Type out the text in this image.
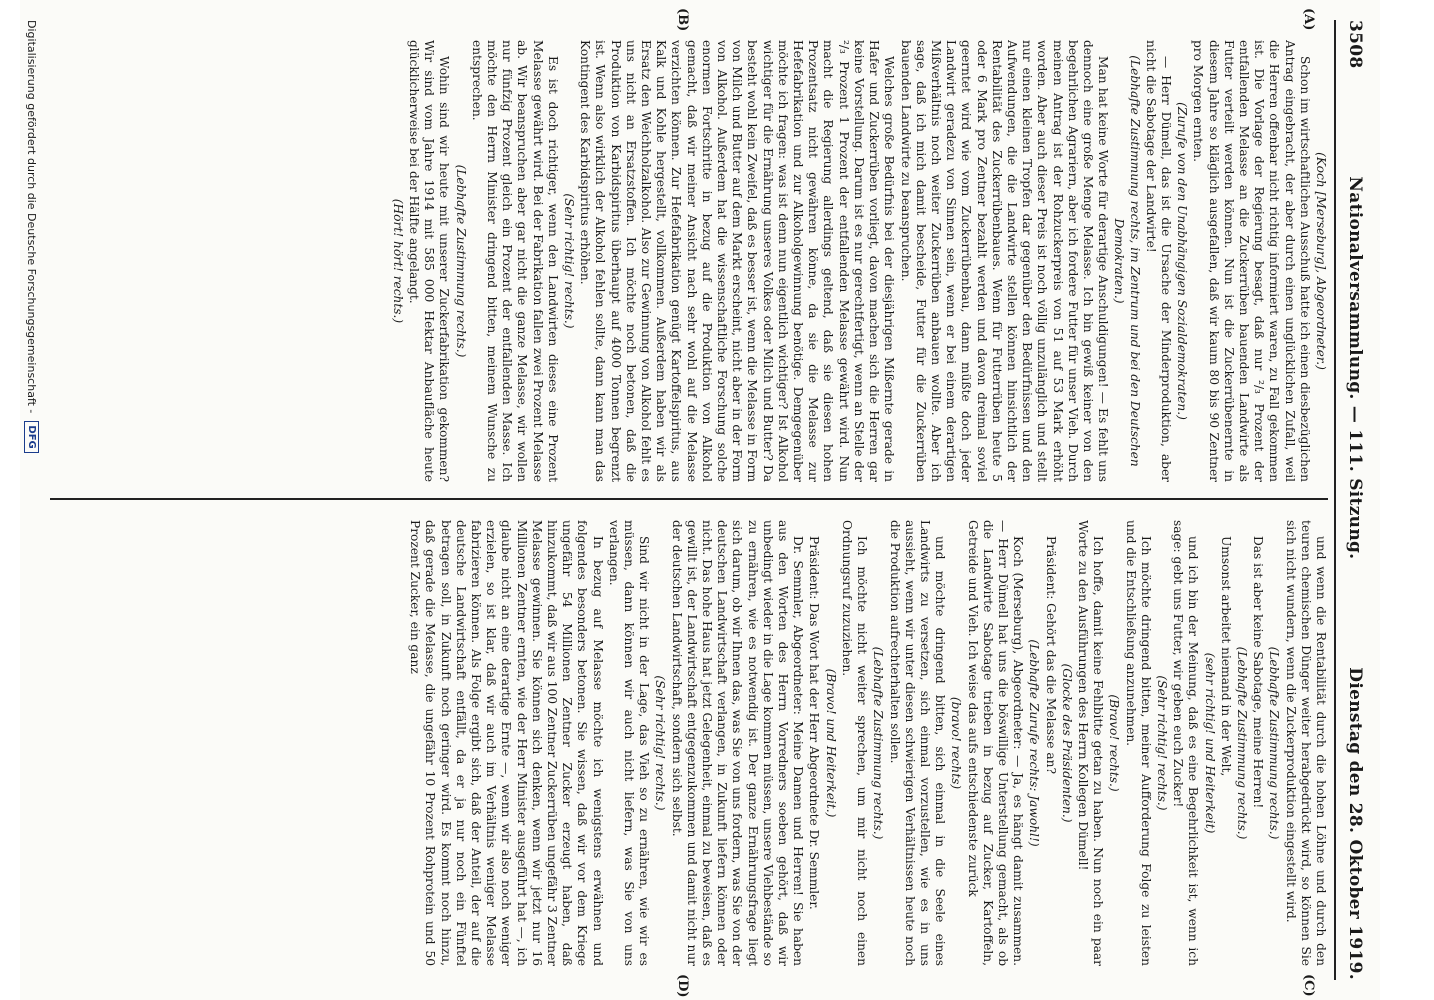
3508
Nationalversammlung. — 111. Sitzung.
Dienstag den 28. Oktober 1919.
(A)
(B)
(C)
(D)

(Koch [Merseburg], Abgeordneter.)

Schon im wirtschaftlichen Ausschuß hatte ich einen diesbezüglichen Antrag eingebracht, der aber durch einen unglücklichen Zufall, weil die Herren offenbar nicht richtig informiert waren, zu Fall gekommen ist. Die Vorlage der Regierung besagt, daß nur ²/₃ Prozent der entfallenden Melasse an die Zuckerrüben bauenden Landwirte als Futter verteilt werden können. Nun ist die Zuckerrübenernte in diesem Jahre so kläglich ausgefallen, daß wir kaum 80 bis 90 Zentner pro Morgen ernten.

(Zurufe von den Unabhängigen Sozialdemokraten.)

— Herr Dümell, das ist die Ursache der Minderproduktion, aber nicht die Sabotage der Landwirte!

(Lebhafte Zustimmung rechts, im Zentrum und bei den Deutschen Demokraten.)

Man hat keine Worte für derartige Anschuldigungen! — Es fehlt uns dennoch eine große Menge Melasse. Ich bin gewiß keiner von den begehrlichen Agrariern, aber ich fordere Futter für unser Vieh. Durch meinen Antrag ist der Rohzuckerpreis von 51 auf 53 Mark erhöht worden. Aber auch dieser Preis ist noch völlig unzulänglich und stellt nur einen kleinen Tropfen dar gegenüber den Bedürfnissen und den Aufwendungen, die die Landwirte stellen können hinsichtlich der Rentabilität des Zuckerrübenbaues. Wenn für Futterrüben heute 5 oder 6 Mark pro Zentner bezahlt werden und davon dreimal soviel geerntet wird wie vom Zuckerrübenbau, dann müßte doch jeder Landwirt geradezu von Sinnen sein, wenn er bei einem derartigen Mißverhältnis noch weiter Zuckerrüben anbauen wollte. Aber ich sage, daß ich mich damit bescheide, Futter für die Zuckerrüben bauenden Landwirte zu beanspruchen.

Welches große Bedürfnis bei der diesjährigen Mißernte gerade in Hafer und Zuckerrüben vorliegt, davon machen sich die Herren gar keine Vorstellung. Darum ist es nur gerechtfertigt, wenn an Stelle der ²/₃ Prozent 1 Prozent der entfallenden Melasse gewährt wird. Nun macht die Regierung allerdings geltend, daß sie diesen hohen Prozentsatz nicht gewähren könne, da sie die Melasse zur Hefefabrikation und zur Alkoholgewinnung benötige. Demgegenüber möchte ich fragen: was ist denn nun eigentlich wichtiger? Ist Alkohol wichtiger für die Ernährung unseres Volkes oder Milch und Butter? Da besteht wohl kein Zweifel, daß es besser ist, wenn die Melasse in Form von Milch und Butter auf dem Markt erscheint, nicht aber in der Form von Alkohol. Außerdem hat die wissenschaftliche Forschung solche enormen Fortschritte in bezug auf die Produktion von Alkohol gemacht, daß wir meiner Ansicht nach sehr wohl auf die Melasse verzichten können. Zur Hefefabrikation genügt Kartoffelspiritus, aus Kalk und Kohle hergestellt, vollkommen. Außerdem haben wir als Ersatz den Weichholzalkohol. Also zur Gewinnung von Alkohol fehlt es uns nicht an Ersatzstoffen. Ich möchte noch betonen, daß die Produktion von Karbidspiritus überhaupt auf 4000 Tonnen begrenzt ist. Wenn also wirklich der Alkohol fehlen sollte, dann kann man das Kontingent des Karbidspiritus erhöhen.

(Sehr richtig! rechts.)

Es ist doch richtiger, wenn den Landwirten dieses eine Prozent Melasse gewährt wird. Bei der Fabrikation fallen zwei Prozent Melasse ab. Wir beanspruchen aber gar nicht die ganze Melasse, wir wollen nur fünfzig Prozent gleich ein Prozent der entfallenden Masse. Ich möchte den Herrn Minister dringend bitten, meinem Wunsche zu entsprechen.

(Lebhafte Zustimmung rechts.)

Wohin sind wir heute mit unserer Zuckerfabrikation gekommen? Wir sind vom Jahre 1914 mit 585 000 Hektar Anbaufläche heute glücklicherweise bei der Hälfte angelangt.

(Hört! hört! rechts.)

und wenn die Rentabilität durch die hohen Löhne und durch den teuren chemischen Dünger weiter herabgedrückt wird, so können Sie sich nicht wundern, wenn die Zuckerproduktion eingestellt wird.

(Lebhafte Zustimmung rechts.)

Das ist aber keine Sabotage, meine Herren!

(Lebhafte Zustimmung rechts.)

Umsonst arbeitet niemand in der Welt,

(sehr richtig! und Heiterkeit)

und ich bin der Meinung, daß es eine Begehrlichkeit ist, wenn ich sage: gebt uns Futter, wir geben euch Zucker!

(Sehr richtig! rechts.)

Ich möchte dringend bitten, meiner Aufforderung Folge zu leisten und die Entschließung anzunehmen.

(Bravo! rechts.)

Ich hoffe, damit keine Fehlbitte getan zu haben. Nun noch ein paar Worte zu den Ausführungen des Herrn Kollegen Dümell!

(Glocke des Präsidenten.)

Präsident: Gehört das die Melasse an?

(Lebhafte Zurufe rechts: Jawohl!)

Koch (Merseburg), Abgeordneter: — Ja, es hängt damit zusammen. — Herr Dümell hat uns die böswillige Unterstellung gemacht, als ob die Landwirte Sabotage trieben in bezug auf Zucker, Kartoffeln, Getreide und Vieh. Ich weise das aufs entschiedenste zurück

(bravo! rechts)

und möchte dringend bitten, sich einmal in die Seele eines Landwirts zu versetzen, sich einmal vorzustellen, wie es in uns aussieht, wenn wir unter diesen schwierigen Verhältnissen heute noch die Produktion aufrechterhalten sollen.

(Lebhafte Zustimmung rechts.)

Ich möchte nicht weiter sprechen, um mir nicht noch einen Ordnungsruf zuzuziehen.

(Bravo! und Heiterkeit.)

Präsident: Das Wort hat der Herr Abgeordnete Dr. Semmler.

Dr. Semmler, Abgeordneter: Meine Damen und Herren! Sie haben aus den Worten des Herrn Vorredners soeben gehört, daß wir unbedingt wieder in die Lage kommen müssen, unsere Viehbestände so zu ernähren, wie es notwendig ist. Der ganze Ernährungsfrage liegt sich darum, ob wir Ihnen das, was Sie von uns fordern, was Sie von der deutschen Landwirtschaft verlangen, in Zukunft liefern können oder nicht. Das hohe Haus hat jetzt Gelegenheit, einmal zu beweisen, daß es gewillt ist, der Landwirtschaft entgegenzukommen und damit nicht nur der deutschen Landwirtschaft, sondern sich selbst.

(Sehr richtig! rechts.)

Sind wir nicht in der Lage, das Vieh so zu ernähren, wie wir es müssen, dann können wir auch nicht liefern, was Sie von uns verlangen.

In bezug auf Melasse möchte ich wenigstens erwähnen und folgendes besonders betonen. Sie wissen, daß wir vor dem Kriege ungefähr 54 Millionen Zentner Zucker erzeugt haben, daß hinzukommt, daß wir aus 100 Zentner Zuckerrüben ungefähr 3 Zentner Melasse gewinnen. Sie können sich denken, wenn wir jetzt nur 16 Millionen Zentner ernten, wie der Herr Minister ausgeführt hat —, ich glaube nicht an eine derartige Ernte —, wenn wir also noch weniger erzielen, so ist klar, daß wir auch im Verhältnis weniger Melasse fabrizieren können. Als Folge ergibt sich, daß der Anteil, der auf die deutsche Landwirtschaft entfällt, da er ja nur noch ein Fünftel betragen soll, in Zukunft noch geringer wird. Es kommt noch hinzu, daß gerade die Melasse, die ungefähr 10 Prozent Rohprotein und 50 Prozent Zucker, ein ganz

Digitalisierung gefördert durch die Deutsche Forschungsgemeinschaft -
DFG
